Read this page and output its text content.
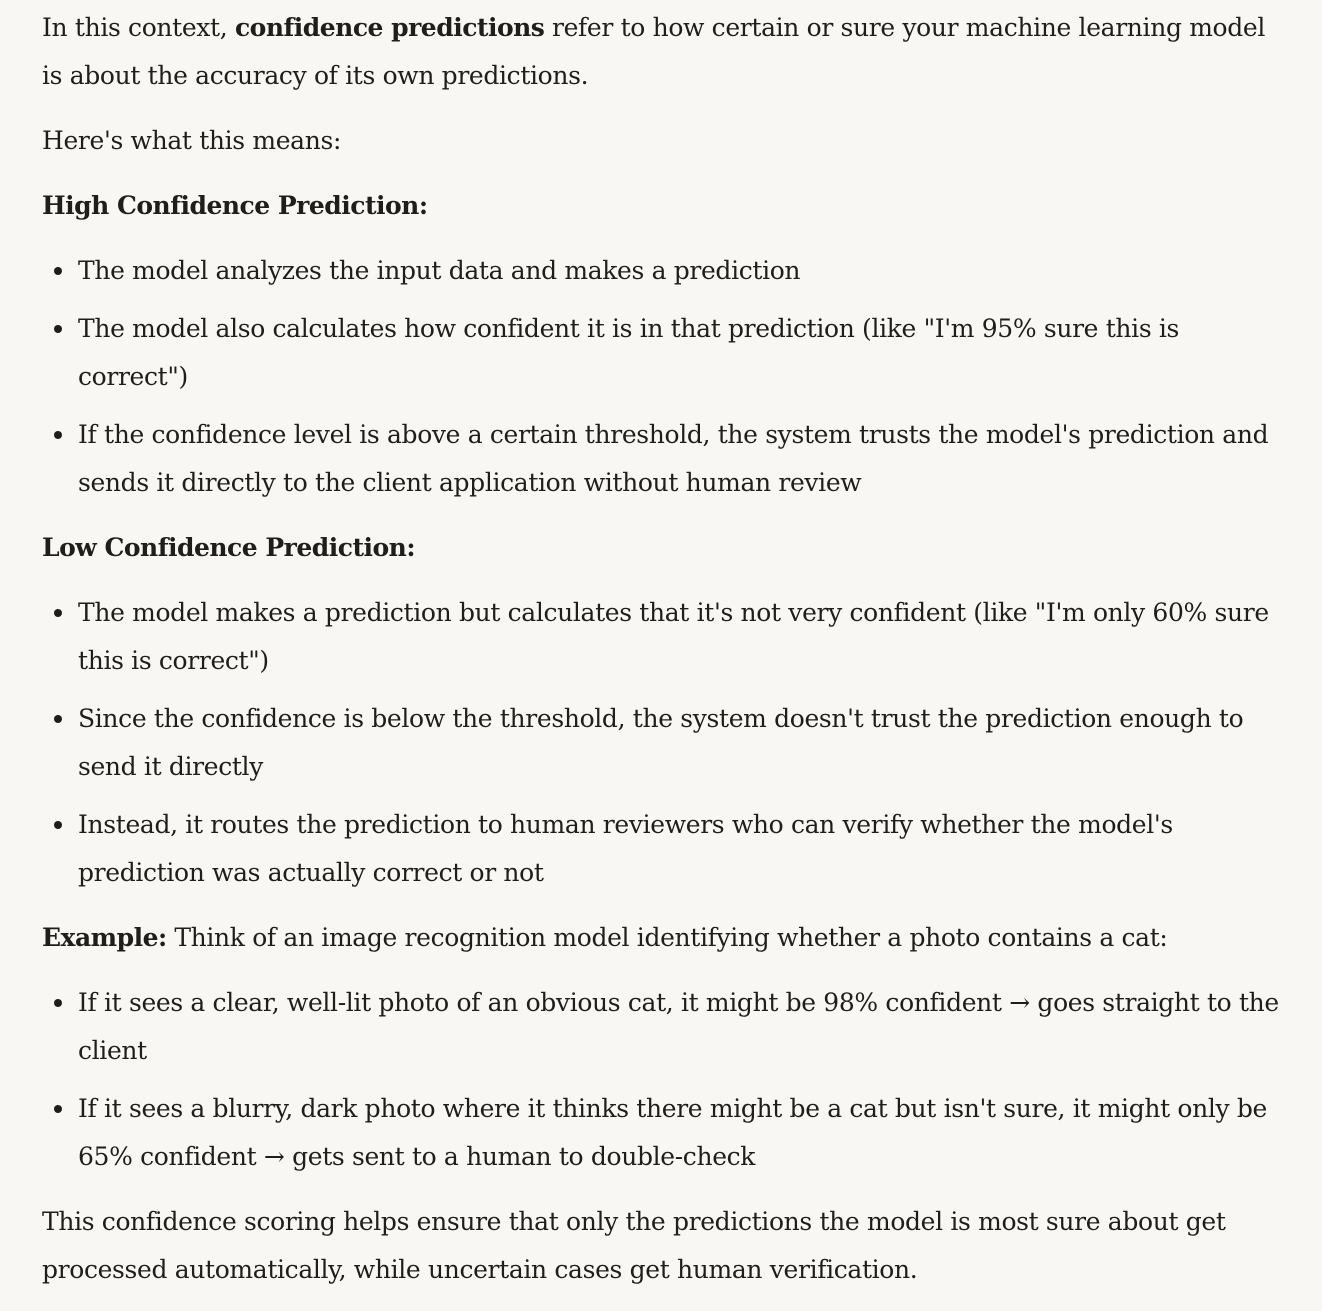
In this context, confidence predictions refer to how certain or sure your machine learning model is about the accuracy of its own predictions.

Here's what this means:

High Confidence Prediction:

The model analyzes the input data and makes a prediction
The model also calculates how confident it is in that prediction (like "I'm 95% sure this is correct")
If the confidence level is above a certain threshold, the system trusts the model's prediction and sends it directly to the client application without human review

Low Confidence Prediction:

The model makes a prediction but calculates that it's not very confident (like "I'm only 60% sure this is correct")
Since the confidence is below the threshold, the system doesn't trust the prediction enough to send it directly
Instead, it routes the prediction to human reviewers who can verify whether the model's prediction was actually correct or not

Example: Think of an image recognition model identifying whether a photo contains a cat:

If it sees a clear, well-lit photo of an obvious cat, it might be 98% confident → goes straight to the client
If it sees a blurry, dark photo where it thinks there might be a cat but isn't sure, it might only be 65% confident → gets sent to a human to double-check

This confidence scoring helps ensure that only the predictions the model is most sure about get processed automatically, while uncertain cases get human verification.
